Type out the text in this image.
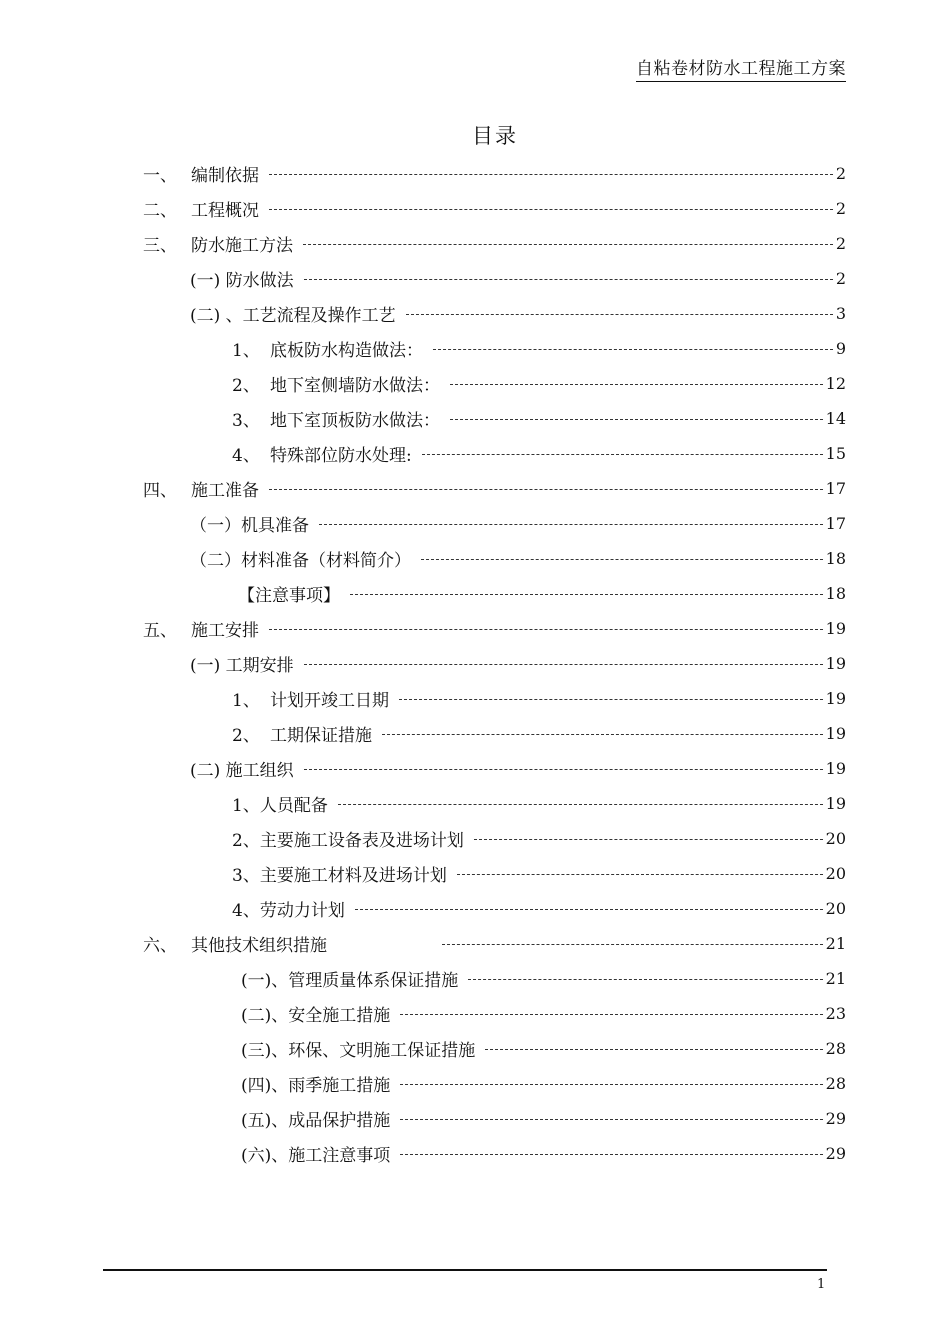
自粘卷材防水工程施工方案
目录
一、 编制依据	2
二、 工程概况	2
三、 防水施工方法	2
(一) 防水做法	2
(二) 、工艺流程及操作工艺	3
1、 底板防水构造做法：	9
2、 地下室侧墙防水做法：	12
3、 地下室顶板防水做法：	14
4、 特殊部位防水处理:	15
四、 施工准备	17
（一）机具准备	17
（二）材料准备（材料简介）	18
【注意事项】	18
五、 施工安排	19
(一) 工期安排	19
1、 计划开竣工日期	19
2、 工期保证措施	19
(二) 施工组织	19
1、人员配备	19
2、主要施工设备表及进场计划	20
3、主要施工材料及进场计划	20
4、劳动力计划	20
六、 其他技术组织措施	21
(一)、管理质量体系保证措施	21
(二)、安全施工措施	23
(三)、环保、文明施工保证措施	28
(四)、雨季施工措施	28
(五)、成品保护措施	29
(六)、施工注意事项	29
1
